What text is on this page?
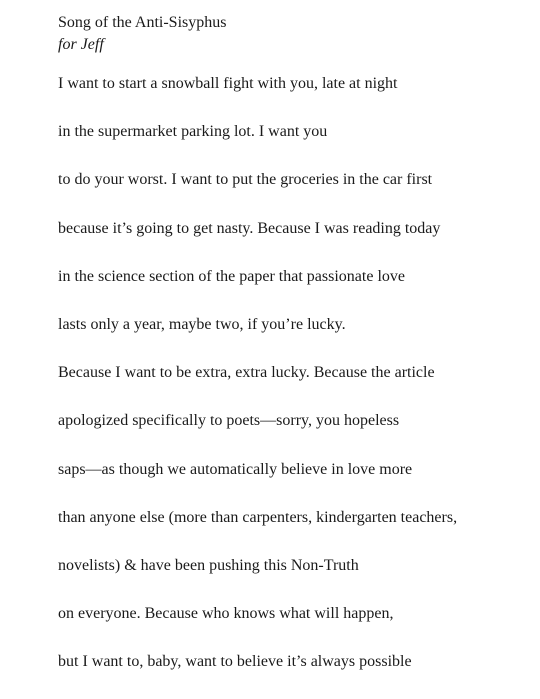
Song of the Anti-Sisyphus
for Jeff
I want to start a snowball fight with you, late at night
in the supermarket parking lot. I want you
to do your worst. I want to put the groceries in the car first
because it’s going to get nasty. Because I was reading today
in the science section of the paper that passionate love
lasts only a year, maybe two, if you’re lucky.
Because I want to be extra, extra lucky. Because the article
apologized specifically to poets—sorry, you hopeless
saps—as though we automatically believe in love more
than anyone else (more than carpenters, kindergarten teachers,
novelists) & have been pushing this Non-Truth
on everyone. Because who knows what will happen,
but I want to, baby, want to believe it’s always possible
